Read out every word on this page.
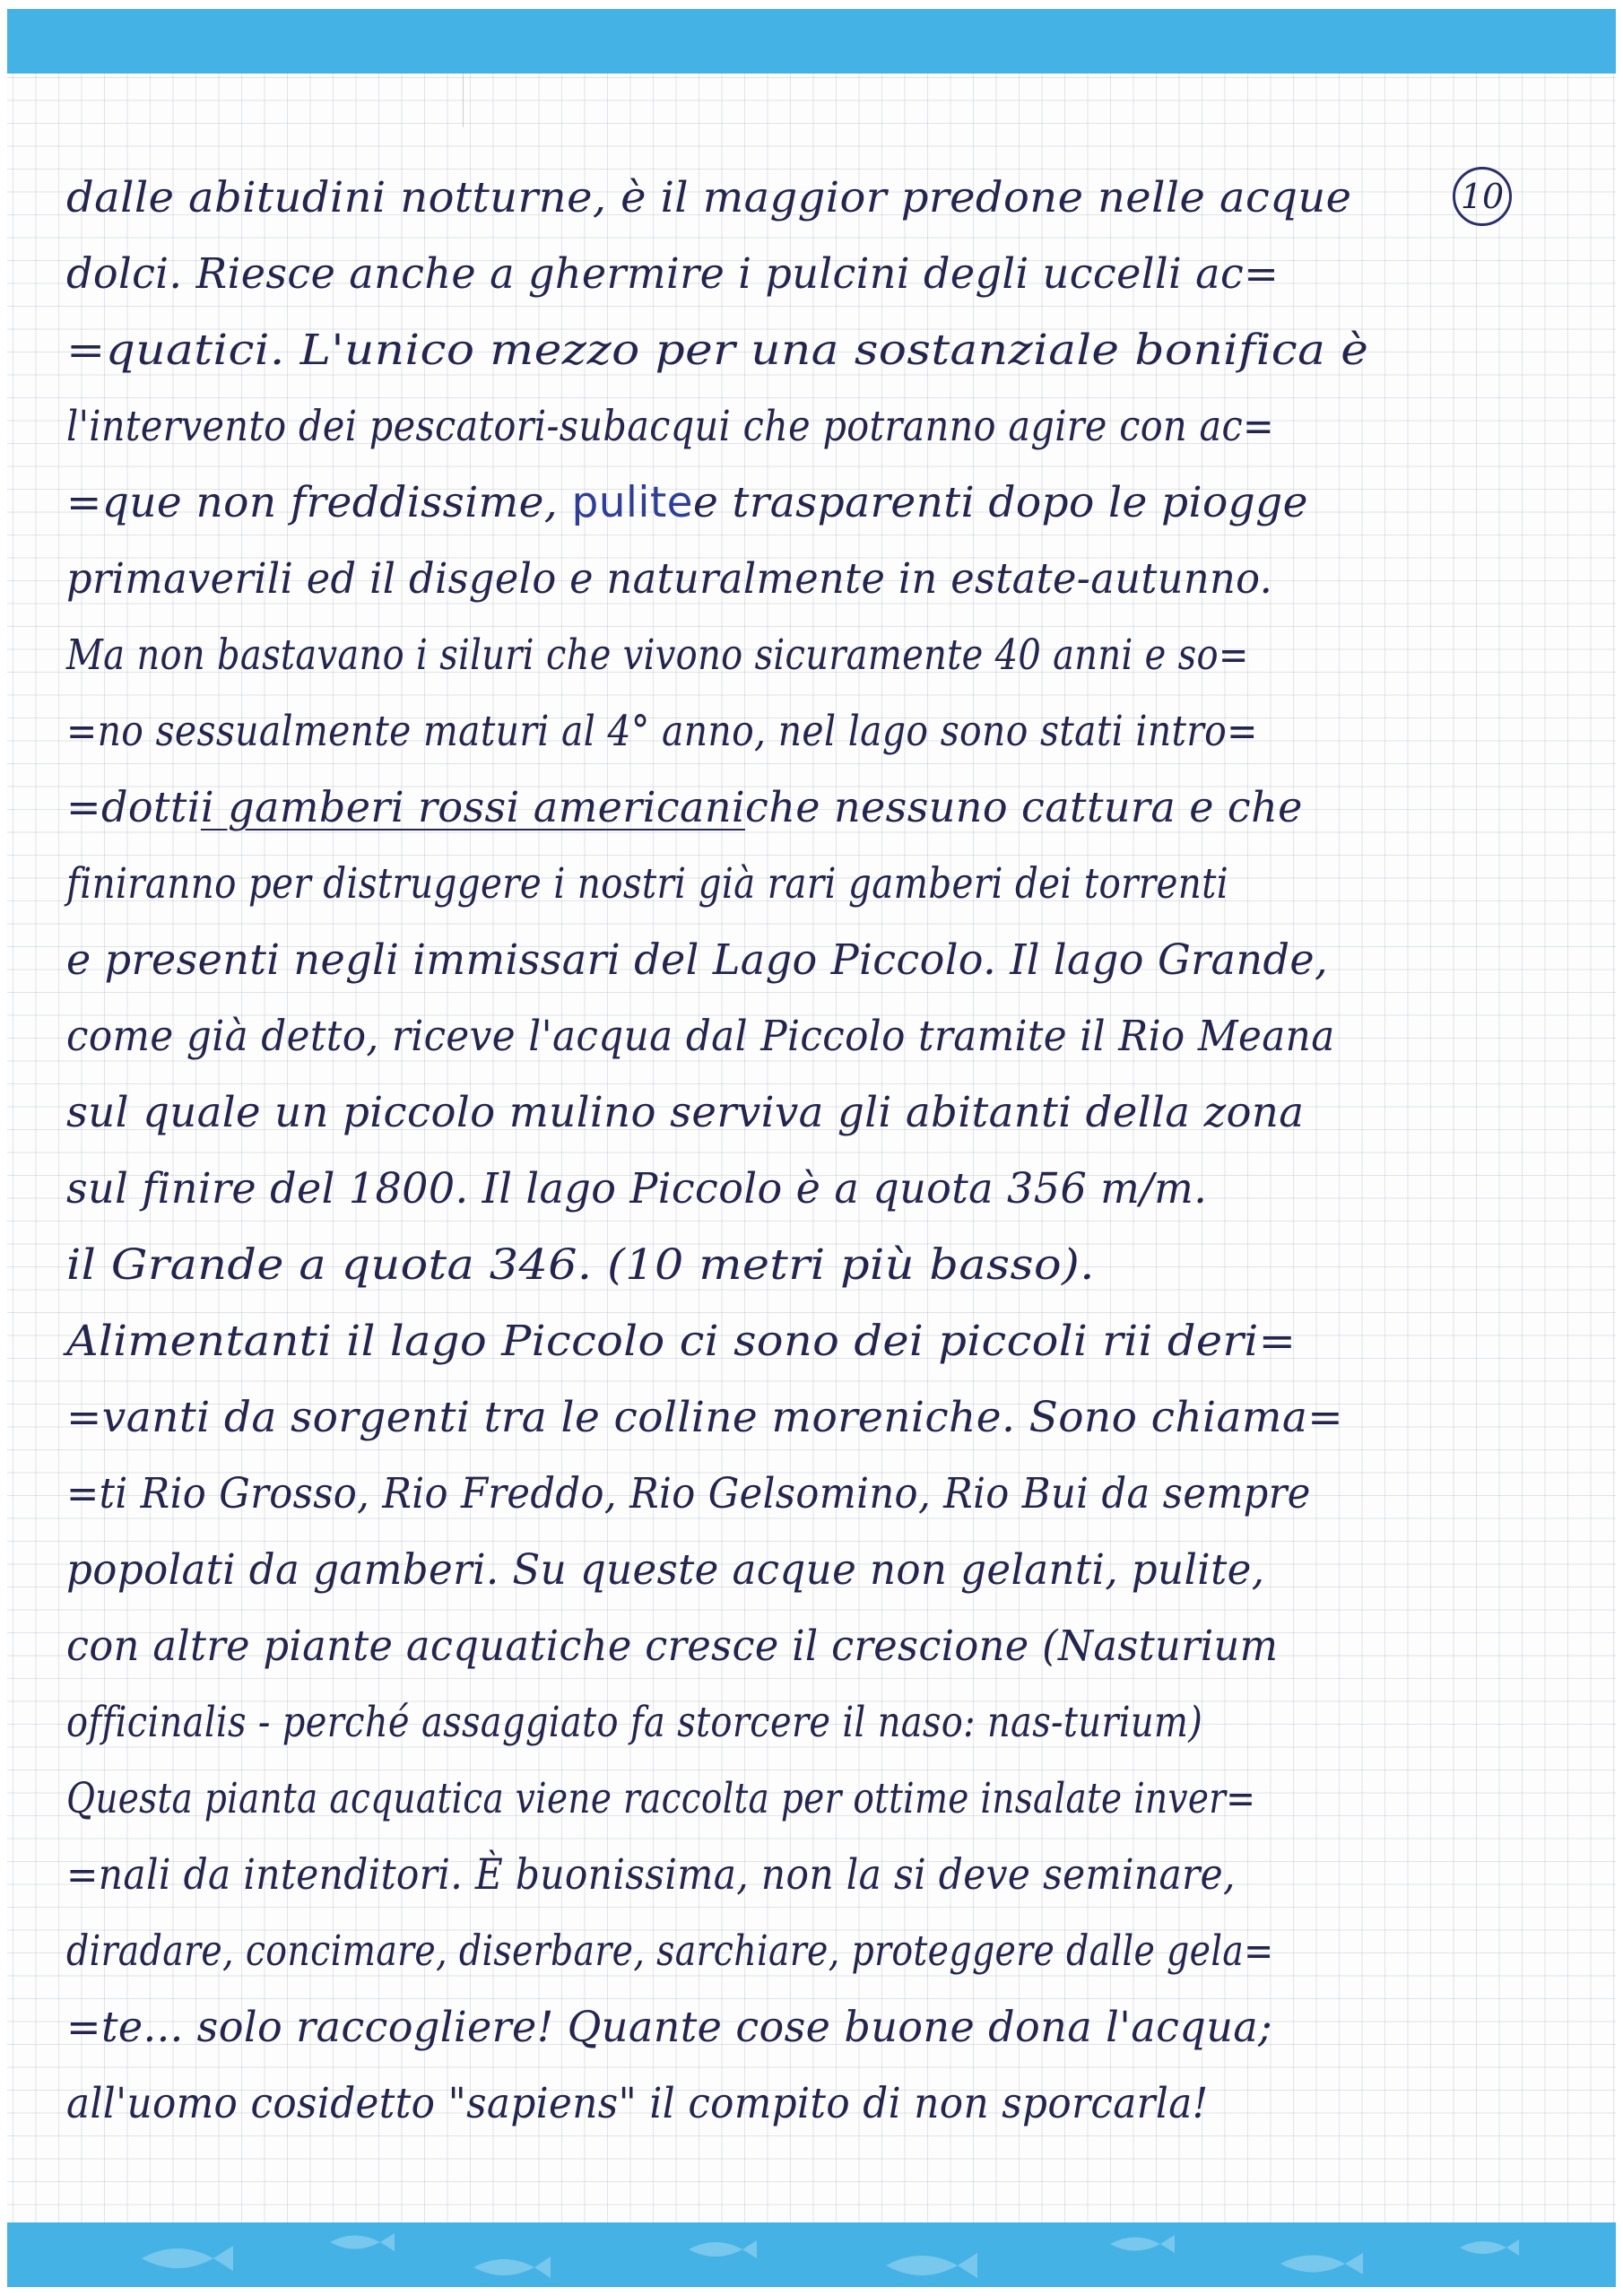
10
dalle abitudini notturne, è il maggior predone nelle acque
dolci. Riesce anche a ghermire i pulcini degli uccelli ac=
=quatici. L'unico mezzo per una sostanziale bonifica è
l'intervento dei pescatori-subacqui che potranno agire con ac=
=que non freddissime, pulitee trasparenti dopo le piogge
primaverili ed il disgelo e naturalmente in estate-autunno.
Ma non bastavano i siluri che vivono sicuramente 40 anni e so=
=no sessualmente maturi al 4° anno, nel lago sono stati intro=
=dottii gamberi rossi americaniche nessuno cattura e che
finiranno per distruggere i nostri già rari gamberi dei torrenti
e presenti negli immissari del Lago Piccolo. Il lago Grande,
come già detto, riceve l'acqua dal Piccolo tramite il Rio Meana
sul quale un piccolo mulino serviva gli abitanti della zona
sul finire del 1800. Il lago Piccolo è a quota 356 m/m.
il Grande a quota 346. (10 metri più basso).
Alimentanti il lago Piccolo ci sono dei piccoli rii deri=
=vanti da sorgenti tra le colline moreniche. Sono chiama=
=ti Rio Grosso, Rio Freddo, Rio Gelsomino, Rio Bui da sempre
popolati da gamberi. Su queste acque non gelanti, pulite,
con altre piante acquatiche cresce il crescione (Nasturium
officinalis - perché assaggiato fa storcere il naso: nas-turium)
Questa pianta acquatica viene raccolta per ottime insalate inver=
=nali da intenditori. È buonissima, non la si deve seminare,
diradare, concimare, diserbare, sarchiare, proteggere dalle gela=
=te... solo raccogliere! Quante cose buone dona l'acqua;
all'uomo cosidetto "sapiens" il compito di non sporcarla!
